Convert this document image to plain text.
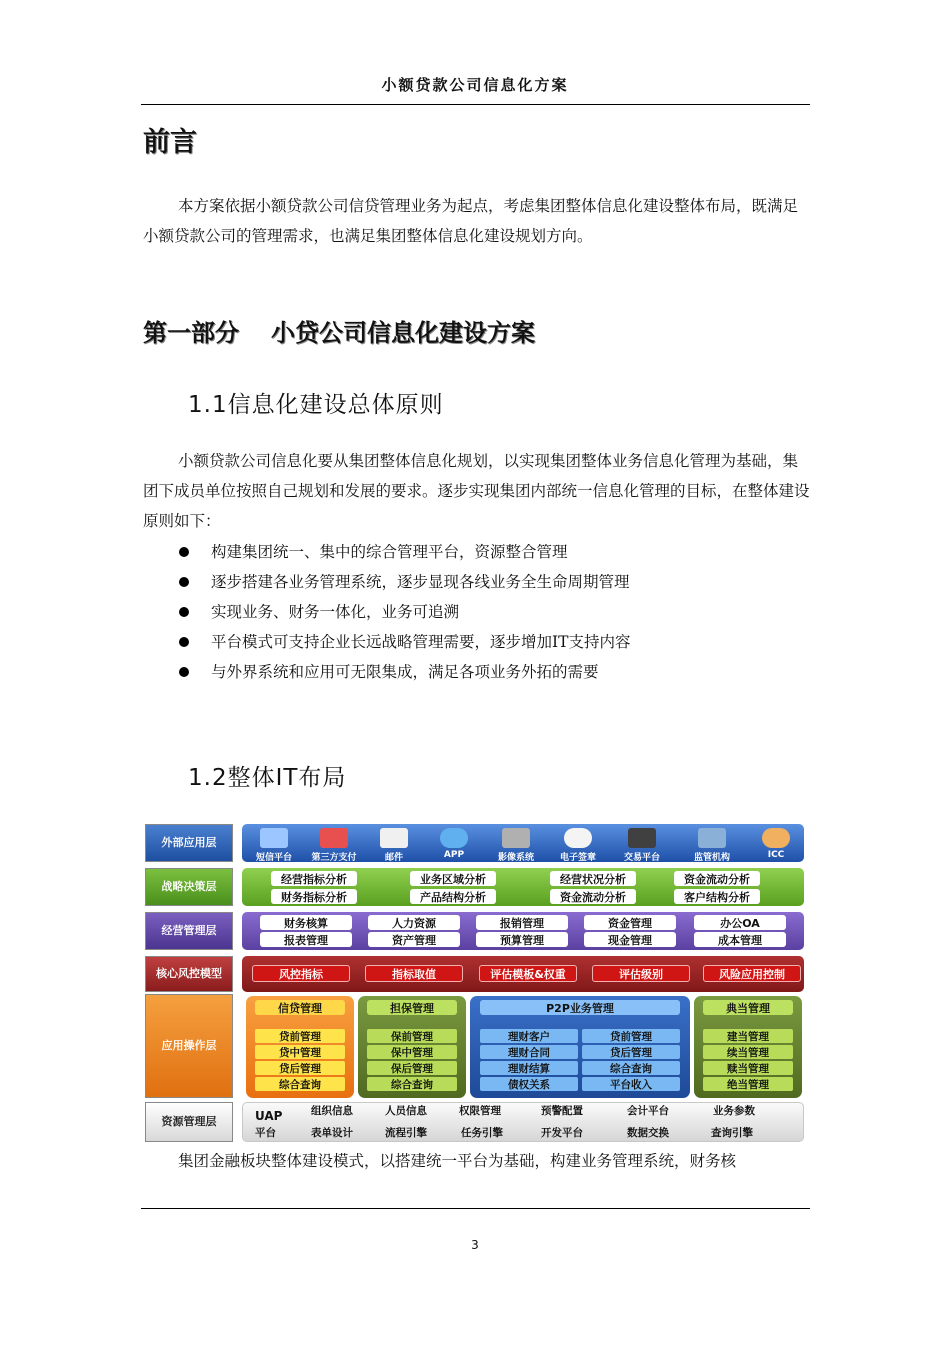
小额贷款公司信息化方案
前言
本方案依据小额贷款公司信贷管理业务为起点，考虑集团整体信息化建设整体布局，既满足小额贷款公司的管理需求，也满足集团整体信息化建设规划方向。
第一部分 小贷公司信息化建设方案
1.1信息化建设总体原则
小额贷款公司信息化要从集团整体信息化规划，以实现集团整体业务信息化管理为基础，集团下成员单位按照自己规划和发展的要求。逐步实现集团内部统一信息化管理的目标，在整体建设原则如下：
构建集团统一、集中的综合管理平台，资源整合管理
逐步搭建各业务管理系统，逐步显现各线业务全生命周期管理
实现业务、财务一体化，业务可追溯
平台模式可支持企业长远战略管理需要，逐步增加IT支持内容
与外界系统和应用可无限集成，满足各项业务外拓的需要
1.2整体IT布局
外部应用层
战略决策层
经营管理层
核心风控模型
应用操作层
资源管理层
短信平台	第三方支付	邮件	APP	影像系统	电子签章	交易平台	监管机构	ICC
经营指标分析	业务区域分析	经营状况分析	资金流动分析
财务指标分析	产品结构分析	资金流动分析	客户结构分析
财务核算	人力资源	报销管理	资金管理	办公OA
报表管理	资产管理	预算管理	现金管理	成本管理
风控指标	指标取值	评估模板&权重	评估级别	风险应用控制
信贷管理
贷前管理
贷中管理
贷后管理
综合查询
担保管理
保前管理
保中管理
保后管理
综合查询
P2P业务管理
理财客户	贷前管理
理财合同	贷后管理
理财结算	综合查询
债权关系	平台收入
典当管理
建当管理
续当管理
赎当管理
绝当管理
UAP
平台
组织信息	人员信息	权限管理	预警配置	会计平台	业务参数
表单设计	流程引擎	任务引擎	开发平台	数据交换	查询引擎
集团金融板块整体建设模式，以搭建统一平台为基础，构建业务管理系统，财务核
3
